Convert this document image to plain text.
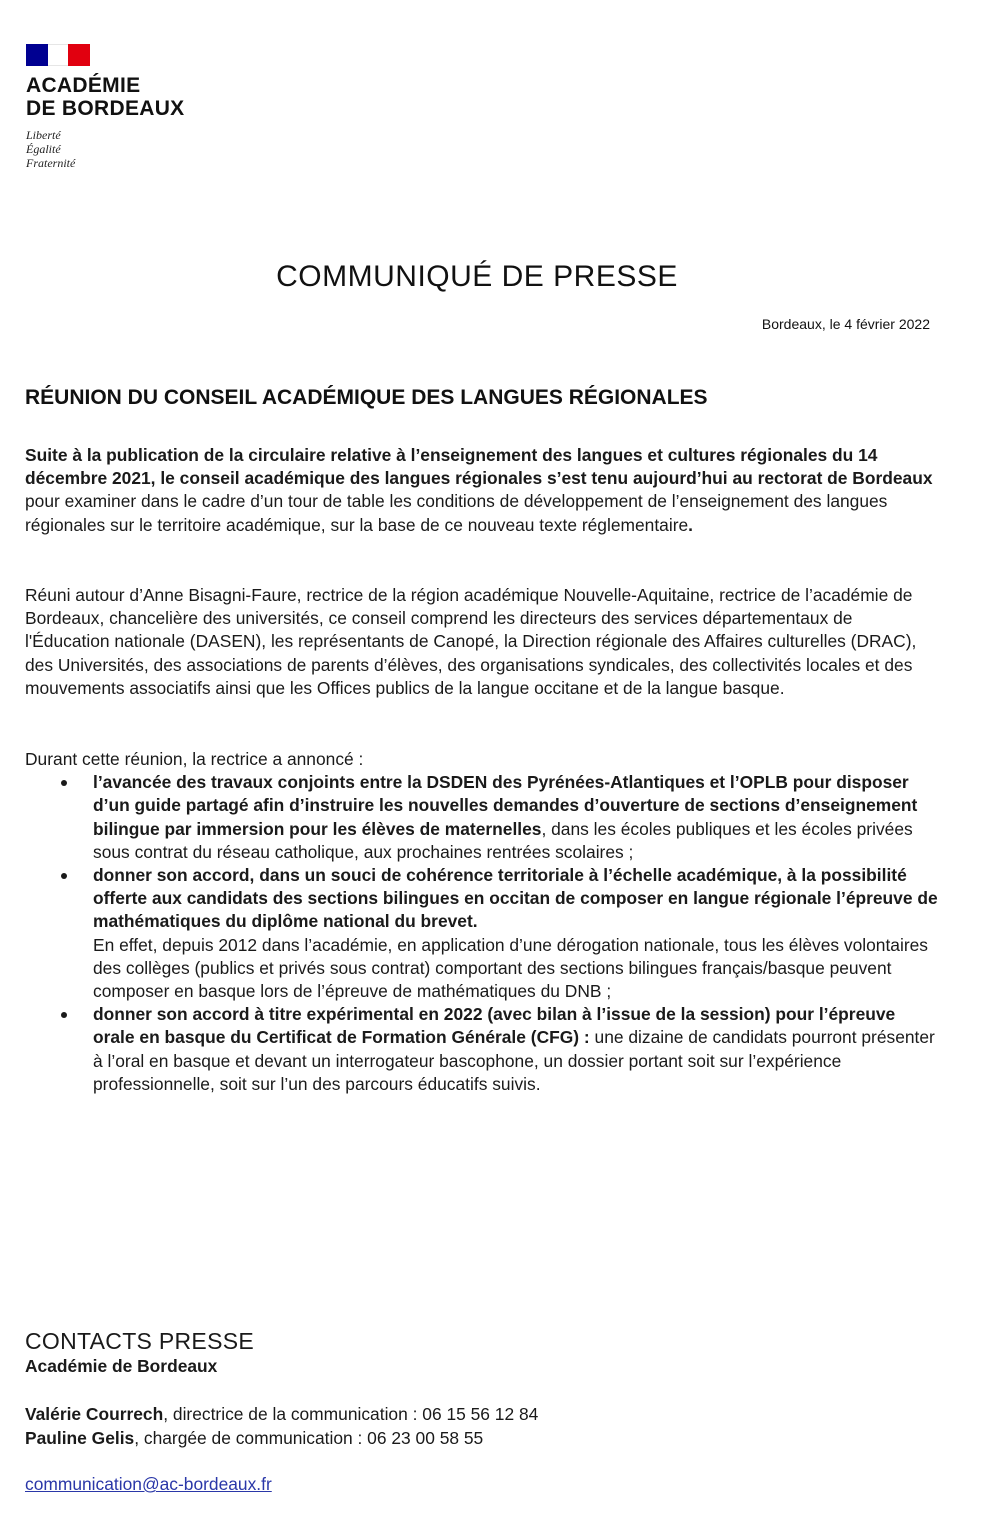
ACADÉMIE
DE BORDEAUX
Liberté
Égalité
Fraternité
COMMUNIQUÉ DE PRESSE
Bordeaux, le 4 février 2022
RÉUNION DU CONSEIL ACADÉMIQUE DES LANGUES RÉGIONALES
Suite à la publication de la circulaire relative à l’enseignement des langues et cultures régionales du 14 décembre 2021, le conseil académique des langues régionales s’est tenu aujourd’hui au rectorat de Bordeaux pour examiner dans le cadre d’un tour de table les conditions de développement de l’enseignement des langues régionales sur le territoire académique, sur la base de ce nouveau texte réglementaire.
Réuni autour d’Anne Bisagni-Faure, rectrice de la région académique Nouvelle-Aquitaine, rectrice de l’académie de Bordeaux, chancelière des universités, ce conseil comprend les directeurs des services départementaux de l'Éducation nationale (DASEN), les représentants de Canopé, la Direction régionale des Affaires culturelles (DRAC), des Universités, des associations de parents d’élèves, des organisations syndicales, des collectivités locales et des mouvements associatifs ainsi que les Offices publics de la langue occitane et de la langue basque.
Durant cette réunion, la rectrice a annoncé :
l’avancée des travaux conjoints entre la DSDEN des Pyrénées-Atlantiques et l’OPLB pour disposer d’un guide partagé afin d’instruire les nouvelles demandes d’ouverture de sections d’enseignement bilingue par immersion pour les élèves de maternelles, dans les écoles publiques et les écoles privées sous contrat du réseau catholique, aux prochaines rentrées scolaires ;
donner son accord, dans un souci de cohérence territoriale à l’échelle académique, à la possibilité offerte aux candidats des sections bilingues en occitan de composer en langue régionale l’épreuve de mathématiques du diplôme national du brevet.
En effet, depuis 2012 dans l’académie, en application d’une dérogation nationale, tous les élèves volontaires des collèges (publics et privés sous contrat) comportant des sections bilingues français/basque peuvent composer en basque lors de l’épreuve de mathématiques du DNB ;
donner son accord à titre expérimental en 2022 (avec bilan à l’issue de la session) pour l’épreuve orale en basque du Certificat de Formation Générale (CFG) : une dizaine de candidats pourront présenter à l’oral en basque et devant un interrogateur bascophone, un dossier portant soit sur l’expérience professionnelle, soit sur l’un des parcours éducatifs suivis.
CONTACTS PRESSE
Académie de Bordeaux
Valérie Courrech, directrice de la communication : 06 15 56 12 84
Pauline Gelis, chargée de communication : 06 23 00 58 55
communication@ac-bordeaux.fr
